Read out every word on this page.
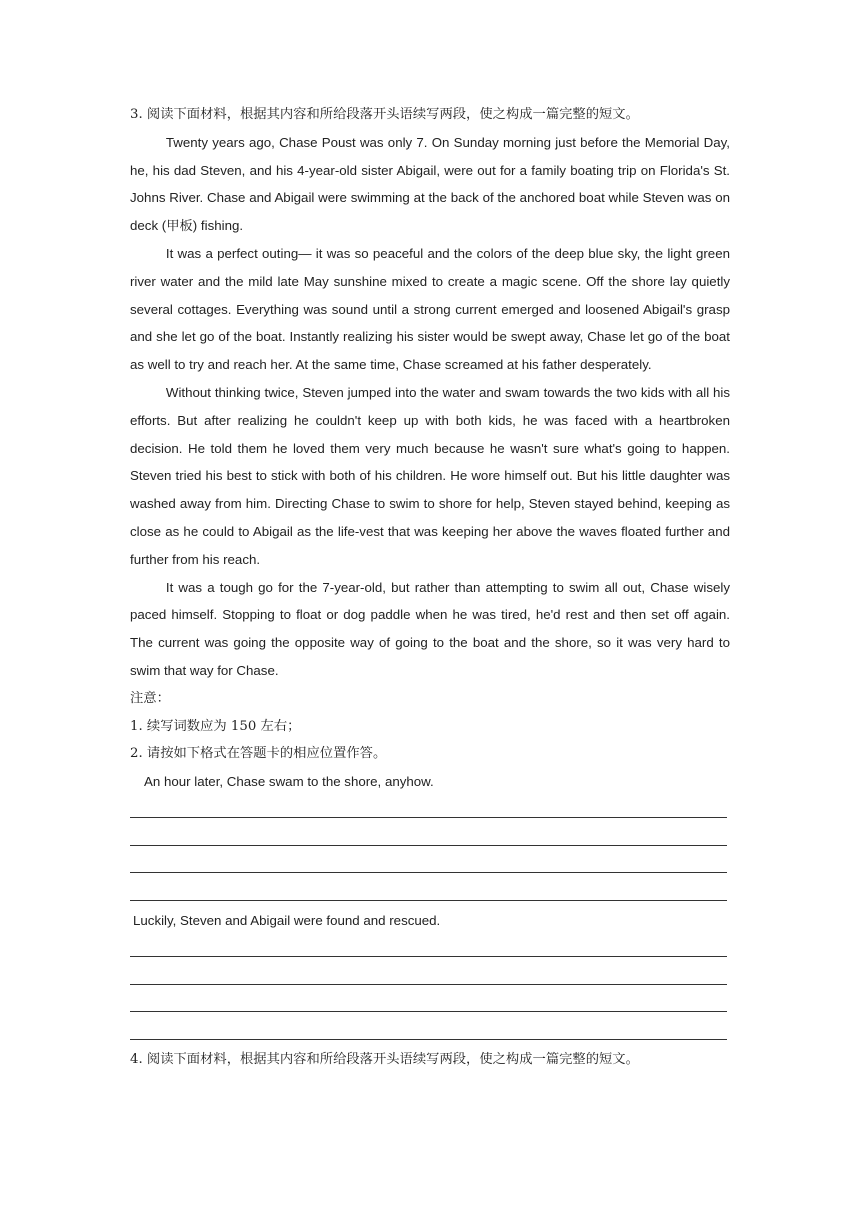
3. 阅读下面材料，根据其内容和所给段落开头语续写两段，使之构成一篇完整的短文。

Twenty years ago, Chase Poust was only 7. On Sunday morning just before the Memorial Day, he, his dad Steven, and his 4-year-old sister Abigail, were out for a family boating trip on Florida's St. Johns River. Chase and Abigail were swimming at the back of the anchored boat while Steven was on deck (甲板) fishing.

It was a perfect outing— it was so peaceful and the colors of the deep blue sky, the light green river water and the mild late May sunshine mixed to create a magic scene. Off the shore lay quietly several cottages. Everything was sound until a strong current emerged and loosened Abigail's grasp and she let go of the boat. Instantly realizing his sister would be swept away, Chase let go of the boat as well to try and reach her. At the same time, Chase screamed at his father desperately.

Without thinking twice, Steven jumped into the water and swam towards the two kids with all his efforts. But after realizing he couldn't keep up with both kids, he was faced with a heartbroken decision. He told them he loved them very much because he wasn't sure what's going to happen. Steven tried his best to stick with both of his children. He wore himself out. But his little daughter was washed away from him. Directing Chase to swim to shore for help, Steven stayed behind, keeping as close as he could to Abigail as the life-vest that was keeping her above the waves floated further and further from his reach.

It was a tough go for the 7-year-old, but rather than attempting to swim all out, Chase wisely paced himself. Stopping to float or dog paddle when he was tired, he'd rest and then set off again. The current was going the opposite way of going to the boat and the shore, so it was very hard to swim that way for Chase.

注意：
1. 续写词数应为 150 左右；
2. 请按如下格式在答题卡的相应位置作答。
An hour later, Chase swam to the shore, anyhow.
Luckily, Steven and Abigail were found and rescued.
4. 阅读下面材料，根据其内容和所给段落开头语续写两段，使之构成一篇完整的短文。
